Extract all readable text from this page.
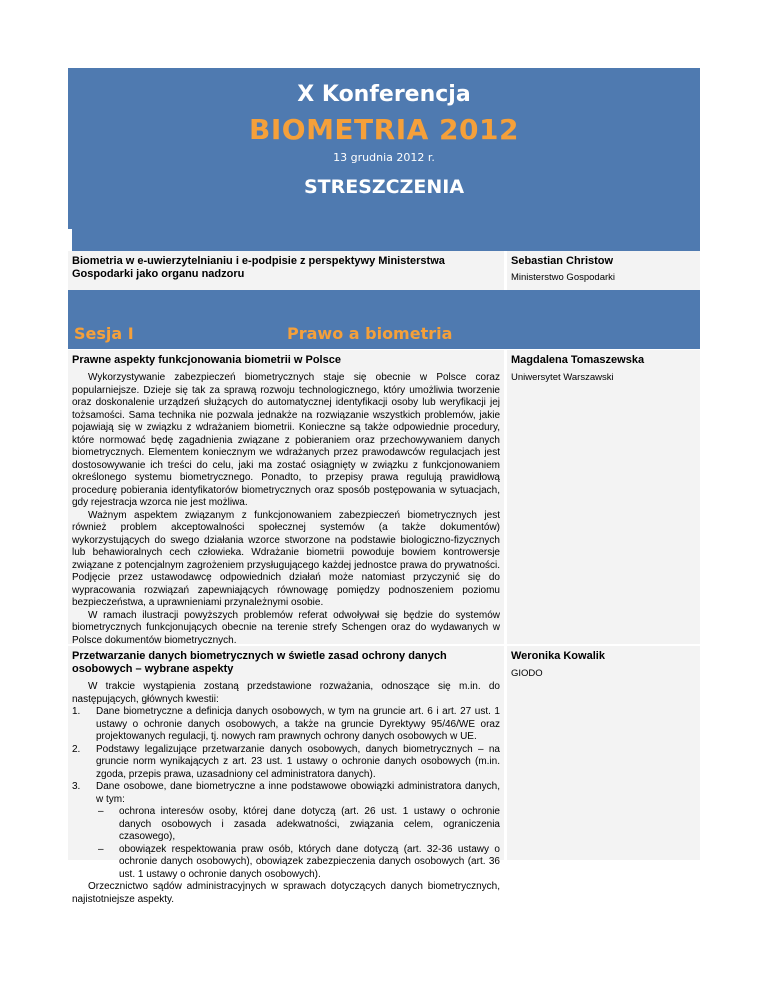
X Konferencja
BIOMETRIA 2012
13 grudnia 2012 r.
STRESZCZENIA
Biometria w e-uwierzytelnianiu i e-podpisie z perspektywy Ministerstwa Gospodarki jako organu nadzoru
Sebastian Christow
Ministerstwo Gospodarki
Sesja I	Prawo a biometria
Prawne aspekty funkcjonowania biometrii w Polsce
Wykorzystywanie zabezpieczeń biometrycznych staje się obecnie w Polsce coraz popularniejsze. Dzieje się tak za sprawą rozwoju technologicznego, który umożliwia tworzenie oraz doskonalenie urządzeń służących do automatycznej identyfikacji osoby lub weryfikacji jej tożsamości. Sama technika nie pozwala jednakże na rozwiązanie wszystkich problemów, jakie pojawiają się w związku z wdrażaniem biometrii. Konieczne są także odpowiednie procedury, które normować będę zagadnienia związane z pobieraniem oraz przechowywaniem danych biometrycznych. Elementem koniecznym we wdrażanych przez prawodawców regulacjach jest dostosowywanie ich treści do celu, jaki ma zostać osiągnięty w związku z funkcjonowaniem określonego systemu biometrycznego. Ponadto, to przepisy prawa regulują prawidłową procedurę pobierania identyfikatorów biometrycznych oraz sposób postępowania w sytuacjach, gdy rejestracja wzorca nie jest możliwa.
Ważnym aspektem związanym z funkcjonowaniem zabezpieczeń biometrycznych jest również problem akceptowalności społecznej systemów (a także dokumentów) wykorzystujących do swego działania wzorce stworzone na podstawie biologiczno-fizycznych lub behawioralnych cech człowieka. Wdrażanie biometrii powoduje bowiem kontrowersje związane z potencjalnym zagrożeniem przysługującego każdej jednostce prawa do prywatności. Podjęcie przez ustawodawcę odpowiednich działań może natomiast przyczynić się do wypracowania rozwiązań zapewniających równowagę pomiędzy podnoszeniem poziomu bezpieczeństwa, a uprawnieniami przynależnymi osobie.
W ramach ilustracji powyższych problemów referat odwoływał się będzie do systemów biometrycznych funkcjonujących obecnie na terenie strefy Schengen oraz do wydawanych w Polsce dokumentów biometrycznych.
Magdalena Tomaszewska
Uniwersytet Warszawski
Przetwarzanie danych biometrycznych w świetle zasad ochrony danych osobowych – wybrane aspekty
W trakcie wystąpienia zostaną przedstawione rozważania, odnoszące się m.in. do następujących, głównych kwestii:
1. Dane biometryczne a definicja danych osobowych, w tym na gruncie art. 6 i art. 27 ust. 1 ustawy o ochronie danych osobowych, a także na gruncie Dyrektywy 95/46/WE oraz projektowanych regulacji, tj. nowych ram prawnych ochrony danych osobowych w UE.
2. Podstawy legalizujące przetwarzanie danych osobowych, danych biometrycznych – na gruncie norm wynikających z art. 23 ust. 1 ustawy o ochronie danych osobowych (m.in. zgoda, przepis prawa, uzasadniony cel administratora danych).
3. Dane osobowe, dane biometryczne a inne podstawowe obowiązki administratora danych, w tym:
– ochrona interesów osoby, której dane dotyczą (art. 26 ust. 1 ustawy o ochronie danych osobowych i zasada adekwatności, związania celem, ograniczenia czasowego),
– obowiązek respektowania praw osób, których dane dotyczą (art. 32-36 ustawy o ochronie danych osobowych), obowiązek zabezpieczenia danych osobowych (art. 36 ust. 1 ustawy o ochronie danych osobowych).
Orzecznictwo sądów administracyjnych w sprawach dotyczących danych biometrycznych, najistotniejsze aspekty.
Weronika Kowalik
GIODO
